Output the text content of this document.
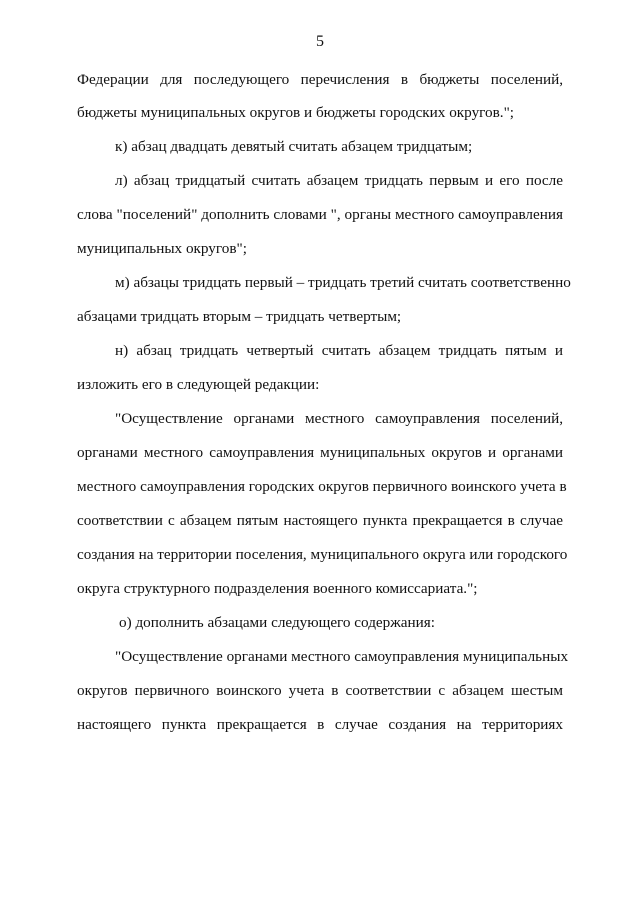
5
Федерации для последующего перечисления в бюджеты поселений,
бюджеты муниципальных округов и бюджеты городских округов.";
к) абзац двадцать девятый считать абзацем тридцатым;
л) абзац тридцатый считать абзацем тридцать первым и его после
слова "поселений" дополнить словами ", органы местного самоуправления
муниципальных округов";
м) абзацы тридцать первый – тридцать третий считать соответственно
абзацами тридцать вторым – тридцать четвертым;
н) абзац тридцать четвертый считать абзацем тридцать пятым и
изложить его в следующей редакции:
"Осуществление органами местного самоуправления поселений,
органами местного самоуправления муниципальных округов и органами
местного самоуправления городских округов первичного воинского учета в
соответствии с абзацем пятым настоящего пункта прекращается в случае
создания на территории поселения, муниципального округа или городского
округа структурного подразделения военного комиссариата.";
о) дополнить абзацами следующего содержания:
"Осуществление органами местного самоуправления муниципальных
округов первичного воинского учета в соответствии с абзацем шестым
настоящего пункта прекращается в случае создания на территориях
